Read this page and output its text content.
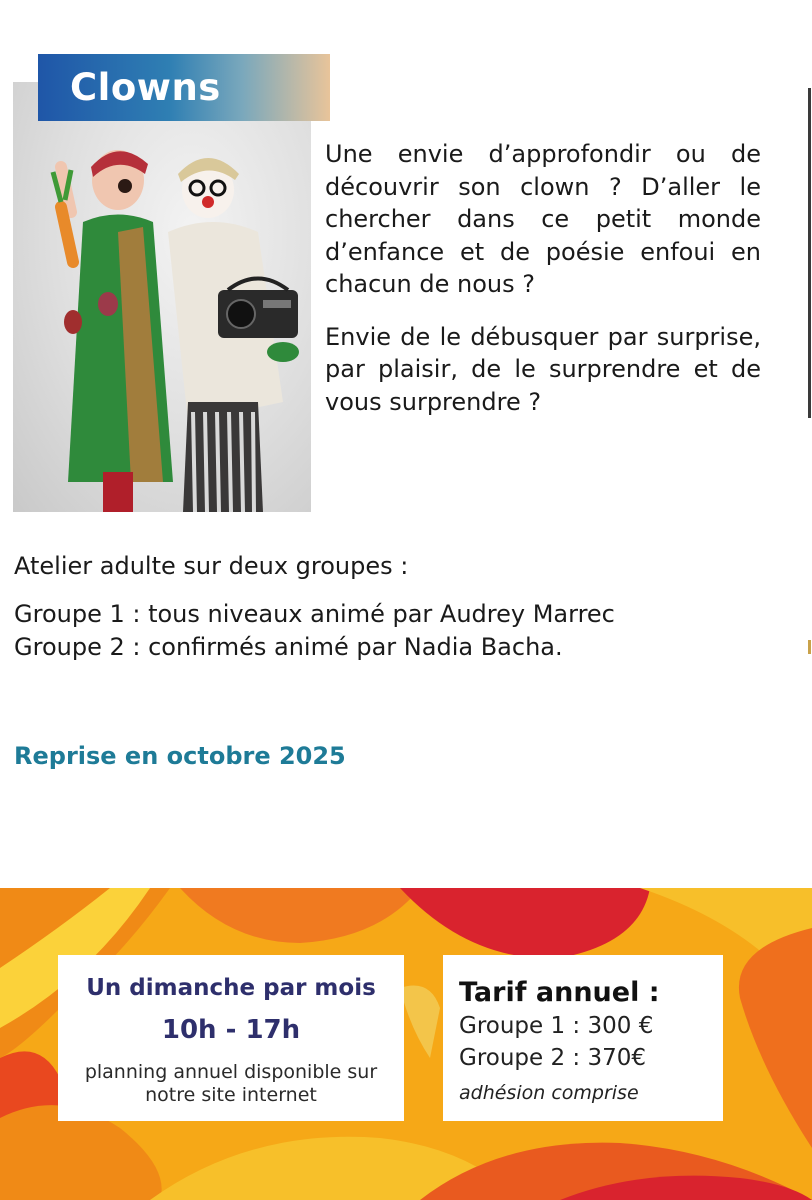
Clowns

Une envie d’approfondir ou de découvrir son clown ? D’aller le chercher dans ce petit monde d’enfance et de poésie enfoui en chacun de nous ?

Envie de le débusquer par surprise, par plaisir, de le surprendre et de vous surprendre ?

Atelier adulte sur deux groupes :
Groupe 1 : tous niveaux animé par Audrey Marrec
Groupe 2 : confirmés animé par Nadia Bacha.
Reprise en octobre 2025
Un dimanche par mois
10h - 17h
planning annuel disponible sur notre site internet
Tarif annuel :
Groupe 1 : 300 €
Groupe 2 : 370€
adhésion comprise
